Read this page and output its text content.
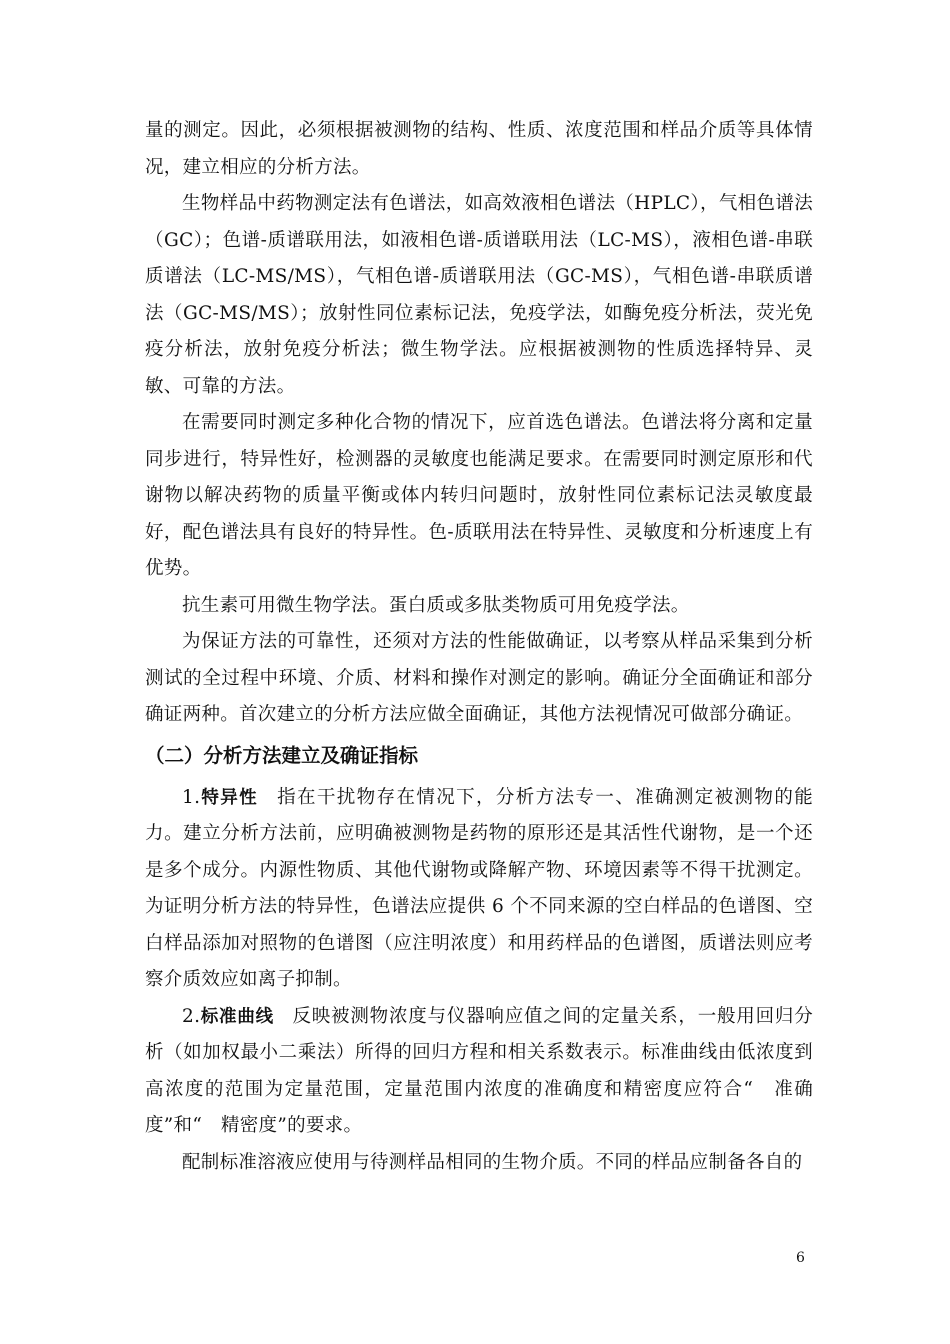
量的测定。因此，必须根据被测物的结构、性质、浓度范围和样品介质等具体情况，建立相应的分析方法。

生物样品中药物测定法有色谱法，如高效液相色谱法（HPLC），气相色谱法（GC）；色谱-质谱联用法，如液相色谱-质谱联用法（LC-MS），液相色谱-串联质谱法（LC-MS/MS），气相色谱-质谱联用法（GC-MS），气相色谱-串联质谱法（GC-MS/MS）；放射性同位素标记法，免疫学法，如酶免疫分析法，荧光免疫分析法，放射免疫分析法；微生物学法。应根据被测物的性质选择特异、灵敏、可靠的方法。

在需要同时测定多种化合物的情况下，应首选色谱法。色谱法将分离和定量同步进行，特异性好，检测器的灵敏度也能满足要求。在需要同时测定原形和代谢物以解决药物的质量平衡或体内转归问题时，放射性同位素标记法灵敏度最好，配色谱法具有良好的特异性。色-质联用法在特异性、灵敏度和分析速度上有优势。

抗生素可用微生物学法。蛋白质或多肽类物质可用免疫学法。

为保证方法的可靠性，还须对方法的性能做确证，以考察从样品采集到分析测试的全过程中环境、介质、材料和操作对测定的影响。确证分全面确证和部分确证两种。首次建立的分析方法应做全面确证，其他方法视情况可做部分确证。

（二）分析方法建立及确证指标

1.特异性 指在干扰物存在情况下，分析方法专一、准确测定被测物的能力。建立分析方法前，应明确被测物是药物的原形还是其活性代谢物，是一个还是多个成分。内源性物质、其他代谢物或降解产物、环境因素等不得干扰测定。为证明分析方法的特异性，色谱法应提供 6 个不同来源的空白样品的色谱图、空白样品添加对照物的色谱图（应注明浓度）和用药样品的色谱图，质谱法则应考察介质效应如离子抑制。

2.标准曲线 反映被测物浓度与仪器响应值之间的定量关系，一般用回归分析（如加权最小二乘法）所得的回归方程和相关系数表示。标准曲线由低浓度到高浓度的范围为定量范围，定量范围内浓度的准确度和精密度应符合“　准确度”和“　精密度”的要求。

配制标准溶液应使用与待测样品相同的生物介质。不同的样品应制备各自的

6
